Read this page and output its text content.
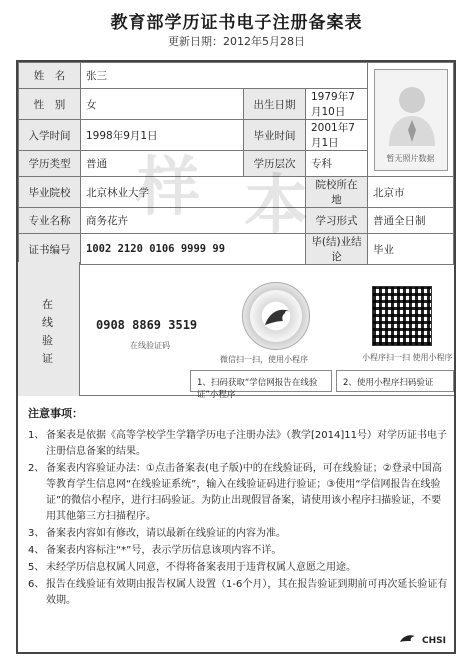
教育部学历证书电子注册备案表
更新日期：2012年5月28日
姓　名	张三			暂无照片数据

性　别	女	出生日期	1979年7月10日	
入学时间	1998年9月1日	毕业时间	2001年7月1日	
学历类型	普通	学历层次	专科	
毕业院校	北京林业大学		院校所在地	北京市
专业名称	商务花卉		学习形式	普通全日制
证书编号	1002 2120 0106 9999 99		毕(结)业结论	毕业
在
线
验
证
0908 8869 3519
在线验证码
微信扫一扫，使用小程序	小程序扫一扫 使用小程序
1、扫码获取“学信网报告在线验证”小程序
2、使用小程序扫码验证
注意事项：
1、 备案表是依据《高等学校学生学籍学历电子注册办法》（教学[2014]11号）对学历证书电子注册信息备案的结果。
2、 备案表内容验证办法：①点击备案表(电子版)中的在线验证码，可在线验证；②登录中国高等教育学生信息网“在线验证系统”，输入在线验证码进行验证；③使用“学信网报告在线验证”的微信小程序，进行扫码验证。为防止出现假冒备案，请使用该小程序扫描验证，不要用其他第三方扫描程序。
3、 备案表内容如有修改，请以最新在线验证的内容为准。
4、 备案表内容标注“*”号，表示学历信息该项内容不详。
5、 未经学历信息权属人同意，不得将备案表用于违背权属人意愿之用途。
6、 报告在线验证有效期由报告权属人设置（1-6个月），其在报告验证到期前可再次延长验证有效期。
CHSI
